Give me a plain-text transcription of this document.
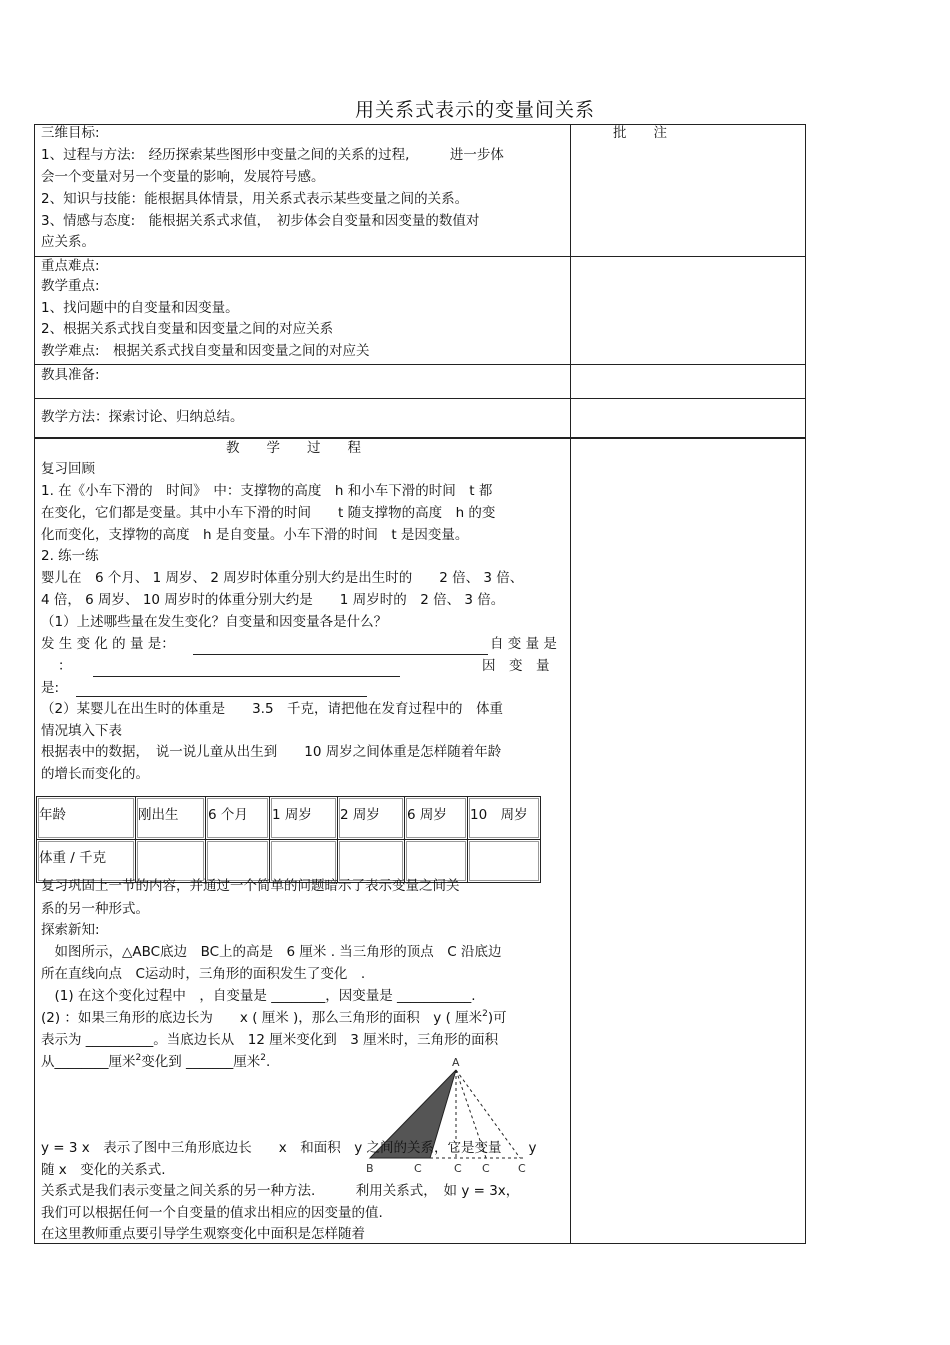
用关系式表示的变量间关系
批　　注
三维目标:
1、过程与方法:　经历探索某些图形中变量之间的关系的过程,　　　进一步体
会一个变量对另一个变量的影响，发展符号感。
2、知识与技能：能根据具体情景，用关系式表示某些变量之间的关系。
3、情感与态度:　能根据关系式求值，　初步体会自变量和因变量的数值对
应关系。
重点难点:
教学重点:
1、找问题中的自变量和因变量。
2、根据关系式找自变量和因变量之间的对应关系
教学难点:　根据关系式找自变量和因变量之间的对应关
教具准备:
教学方法：探索讨论、归纳总结。
教　　学　　过　　程
复习回顾
1. 在《小车下滑的　时间》　中：支撑物的高度　h 和小车下滑的时间　t 都
在变化，它们都是变量。其中小车下滑的时间　　t 随支撑物的高度　h 的变
化而变化，支撑物的高度　h 是自变量。小车下滑的时间　t 是因变量。
2. 练一练
婴儿在　6 个月、 1 周岁、 2 周岁时体重分别大约是出生时的　　2 倍、 3 倍、
4 倍， 6 周岁、 10 周岁时的体重分别大约是　　1 周岁时的　2 倍、 3 倍。
（1）上述哪些量在发生变化？自变量和因变量各是什么？
发 生 变 化 的 量 是：	自 变 量 是
：	因　变　量
是:
（2）某婴儿在出生时的体重是　　3.5　千克，请把他在发育过程中的　体重
情况填入下表
根据表中的数据，　说一说儿童从出生到　　10 周岁之间体重是怎样随着年龄
的增长而变化的。
年龄	刚出生	6 个月	1 周岁	2 周岁	6 周岁	10　周岁
体重 / 千克						
复习巩固上一节的内容，并通过一个简单的问题暗示了表示变量之间关
系的另一种形式。
探索新知:
　如图所示，△ABC底边　BC上的高是　6 厘米 . 当三角形的顶点　C 沿底边
所在直线向点　C运动时，三角形的面积发生了变化　.
　(1) 在这个变化过程中　，自变量是 ________，因变量是 ___________.
(2) ：如果三角形的底边长为　　x ( 厘米 )，那么三角形的面积　y ( 厘米$^2$)可
表示为 __________。当底边长从　12 厘米变化到　3 厘米时，三角形的面积
从________厘米$^2$变化到 _______厘米$^2$.	A
B	C	C C	C
y = 3 x　表示了图中三角形底边长　　x　和面积　y 之间的关系，它是变量　　y
随 x　变化的关系式.
关系式是我们表示变量之间关系的另一种方法.　　　利用关系式，　如 y = 3x，
我们可以根据任何一个自变量的值求出相应的因变量的值.
在这里教师重点要引导学生观察变化中面积是怎样随着
